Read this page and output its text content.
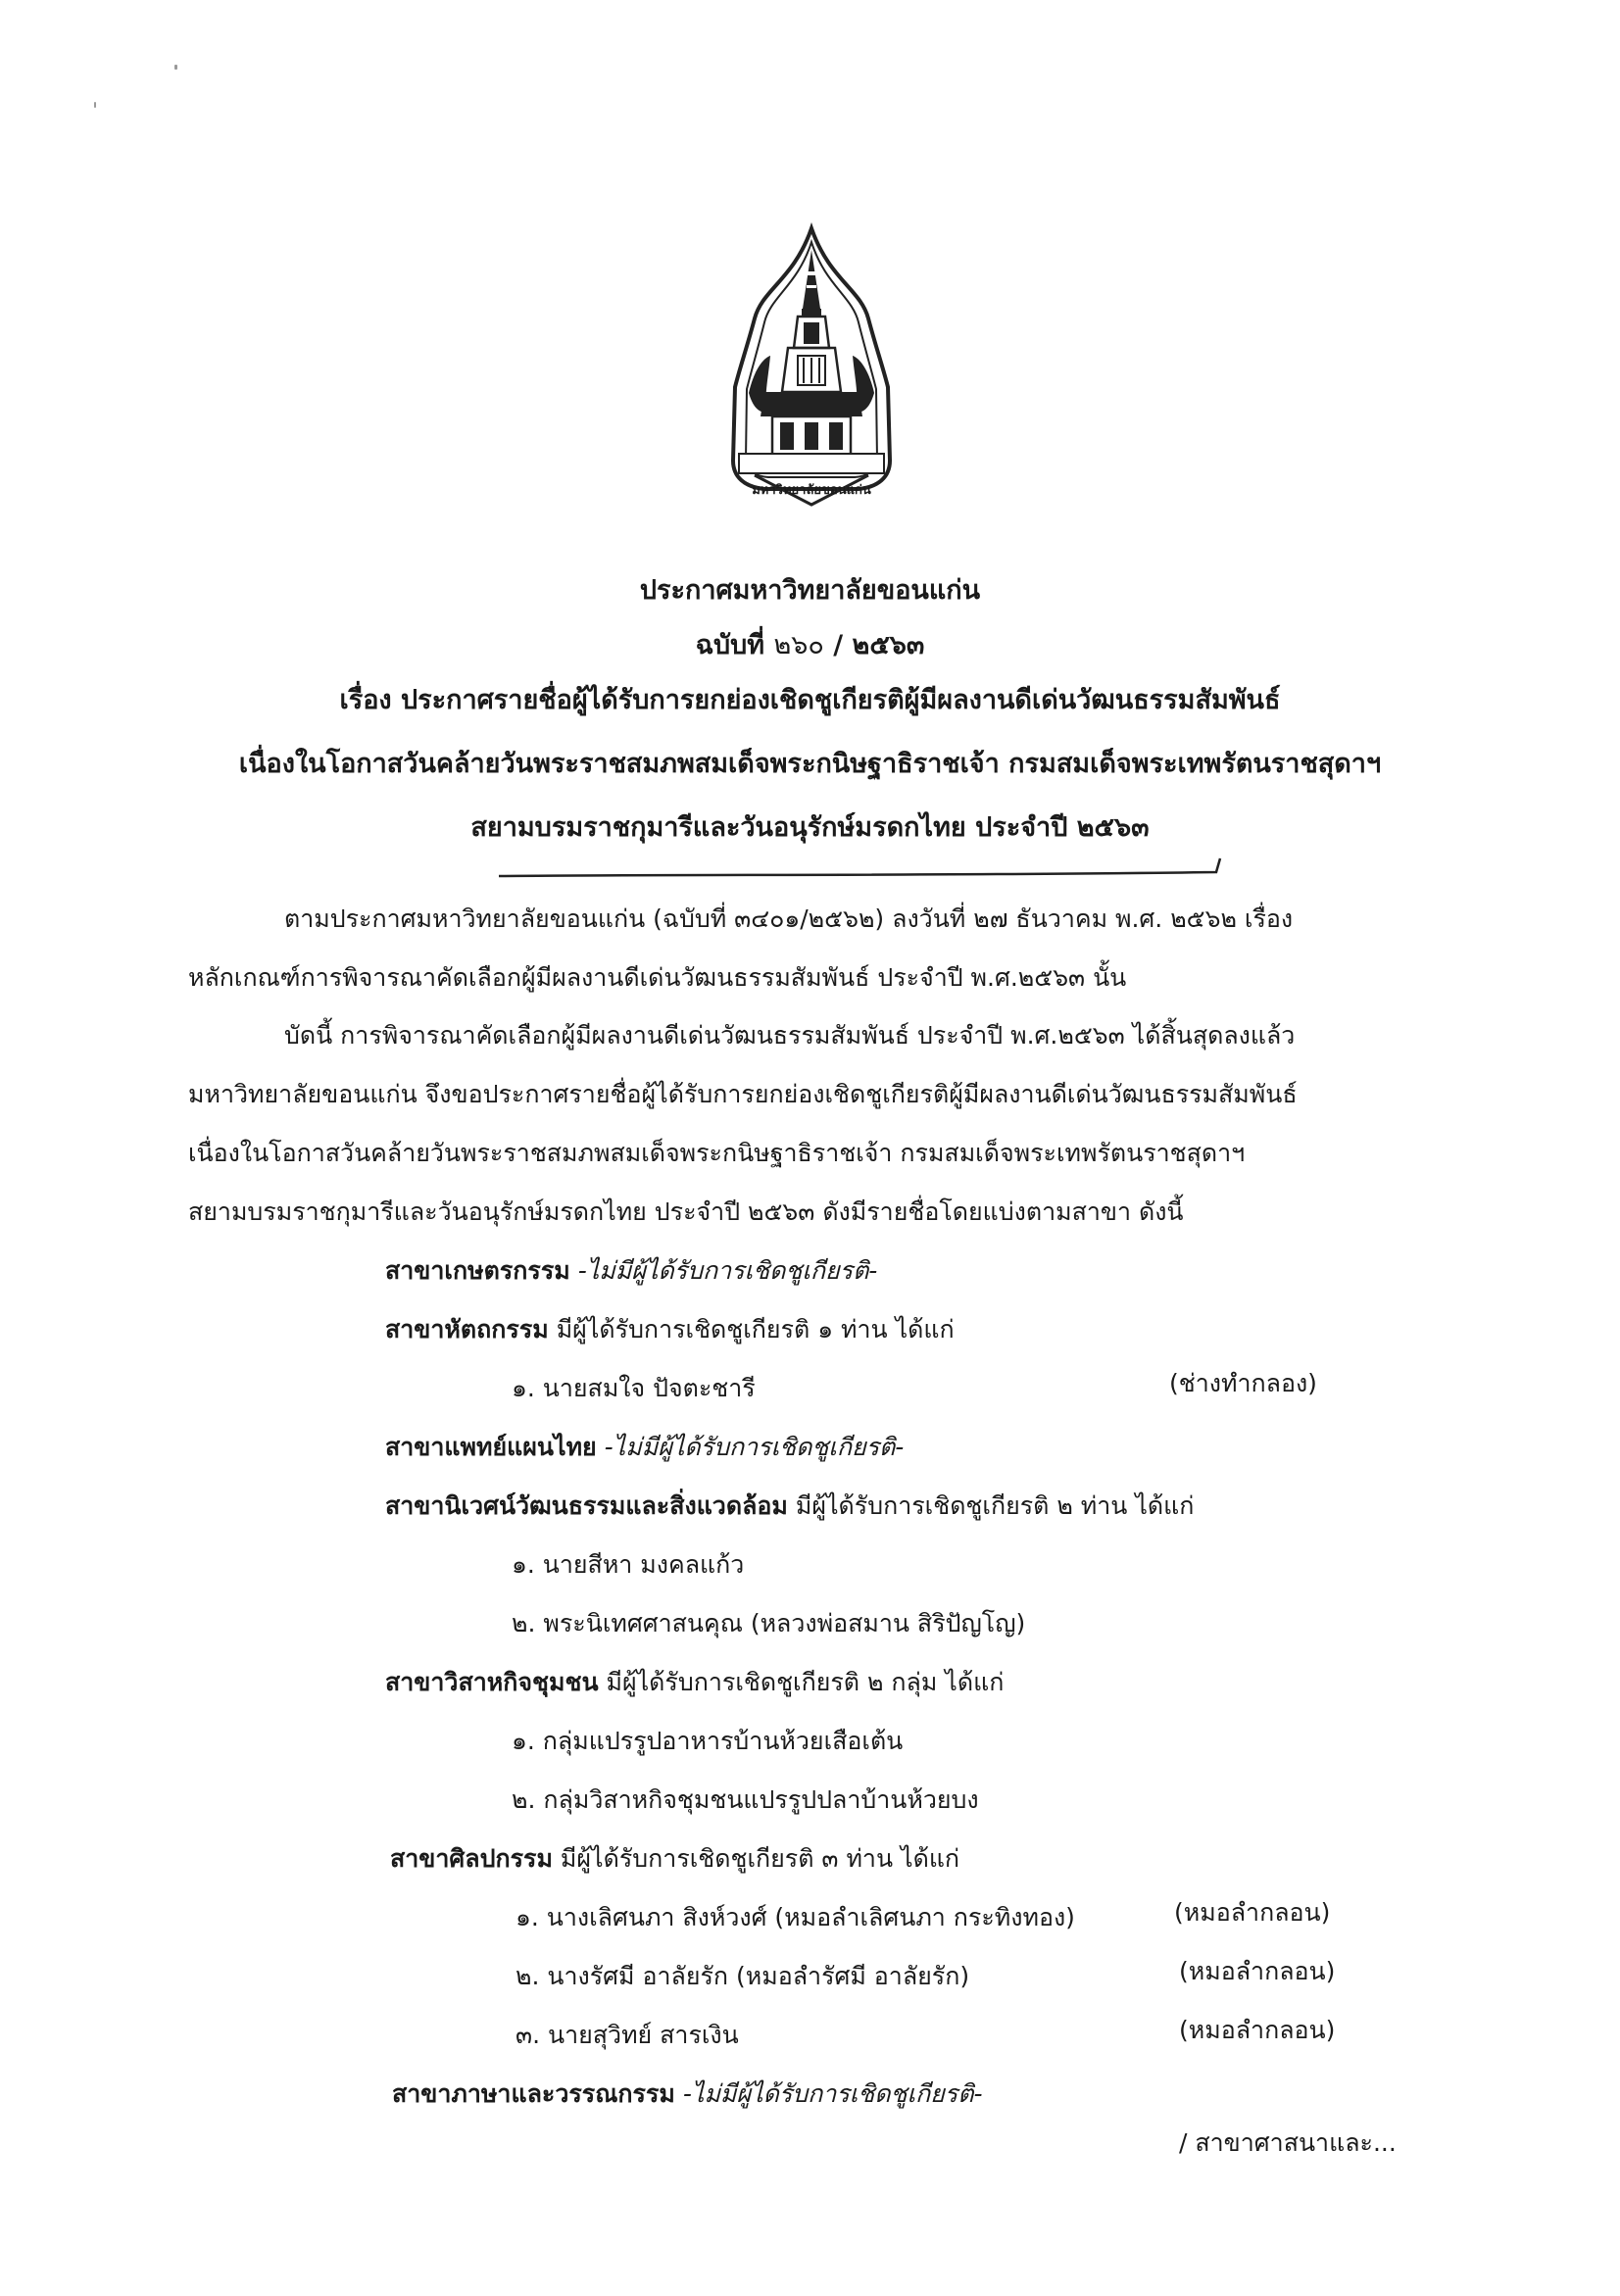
มหาวิทยาลัยขอนแก่น
ประกาศมหาวิทยาลัยขอนแก่น
ฉบับที่ ๒๖๐ / ๒๕๖๓
เรื่อง ประกาศรายชื่อผู้ได้รับการยกย่องเชิดชูเกียรติผู้มีผลงานดีเด่นวัฒนธรรมสัมพันธ์
เนื่องในโอกาสวันคล้ายวันพระราชสมภพสมเด็จพระกนิษฐาธิราชเจ้า กรมสมเด็จพระเทพรัตนราชสุดาฯ
สยามบรมราชกุมารีและวันอนุรักษ์มรดกไทย ประจำปี ๒๕๖๓
ตามประกาศมหาวิทยาลัยขอนแก่น (ฉบับที่ ๓๔๐๑/๒๕๖๒) ลงวันที่ ๒๗ ธันวาคม พ.ศ. ๒๕๖๒ เรื่อง
หลักเกณฑ์การพิจารณาคัดเลือกผู้มีผลงานดีเด่นวัฒนธรรมสัมพันธ์ ประจำปี พ.ศ.๒๕๖๓ นั้น
บัดนี้ การพิจารณาคัดเลือกผู้มีผลงานดีเด่นวัฒนธรรมสัมพันธ์ ประจำปี พ.ศ.๒๕๖๓ ได้สิ้นสุดลงแล้ว
มหาวิทยาลัยขอนแก่น จึงขอประกาศรายชื่อผู้ได้รับการยกย่องเชิดชูเกียรติผู้มีผลงานดีเด่นวัฒนธรรมสัมพันธ์
เนื่องในโอกาสวันคล้ายวันพระราชสมภพสมเด็จพระกนิษฐาธิราชเจ้า กรมสมเด็จพระเทพรัตนราชสุดาฯ
สยามบรมราชกุมารีและวันอนุรักษ์มรดกไทย ประจำปี ๒๕๖๓ ดังมีรายชื่อโดยแบ่งตามสาขา ดังนี้
สาขาเกษตรกรรม -ไม่มีผู้ได้รับการเชิดชูเกียรติ-
สาขาหัตถกรรม มีผู้ได้รับการเชิดชูเกียรติ ๑ ท่าน ได้แก่
๑. นายสมใจ ปัจตะชารี	(ช่างทำกลอง)
สาขาแพทย์แผนไทย -ไม่มีผู้ได้รับการเชิดชูเกียรติ-
สาขานิเวศน์วัฒนธรรมและสิ่งแวดล้อม มีผู้ได้รับการเชิดชูเกียรติ ๒ ท่าน ได้แก่
๑. นายสีหา มงคลแก้ว
๒. พระนิเทศศาสนคุณ (หลวงพ่อสมาน สิริปัญโญ)
สาขาวิสาหกิจชุมชน มีผู้ได้รับการเชิดชูเกียรติ ๒ กลุ่ม ได้แก่
๑. กลุ่มแปรรูปอาหารบ้านห้วยเสือเต้น
๒. กลุ่มวิสาหกิจชุมชนแปรรูปปลาบ้านห้วยบง
สาขาศิลปกรรม มีผู้ได้รับการเชิดชูเกียรติ ๓ ท่าน ได้แก่
๑. นางเลิศนภา สิงห์วงศ์ (หมอลำเลิศนภา กระทิงทอง)	(หมอลำกลอน)
๒. นางรัศมี อาลัยรัก (หมอลำรัศมี อาลัยรัก)	(หมอลำกลอน)
๓. นายสุวิทย์ สารเงิน	(หมอลำกลอน)
สาขาภาษาและวรรณกรรม -ไม่มีผู้ได้รับการเชิดชูเกียรติ-
/ สาขาศาสนาและ...
